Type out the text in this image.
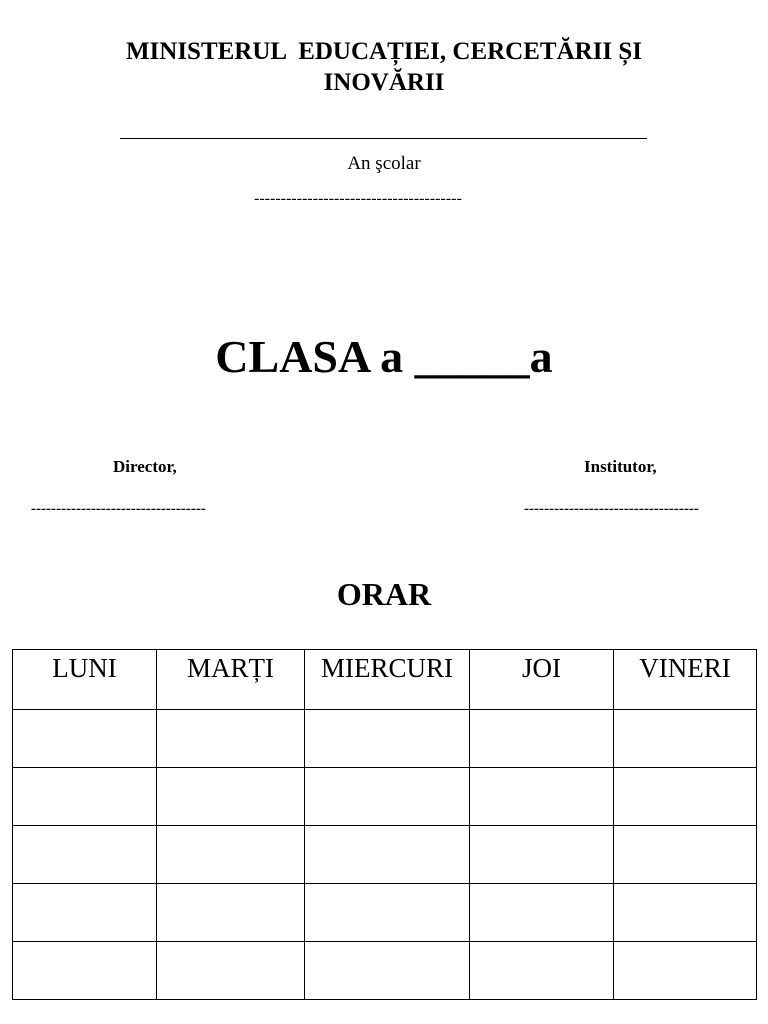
MINISTERUL  EDUCAȚIEI, CERCETĂRII ȘI
INOVĂRII
An şcolar
---------------------------------------
CLASA a _____a
Director,	Institutor,
-----------------------------------	-----------------------------------
ORAR
LUNI	MARȚI	MIERCURI	JOI	VINERI
